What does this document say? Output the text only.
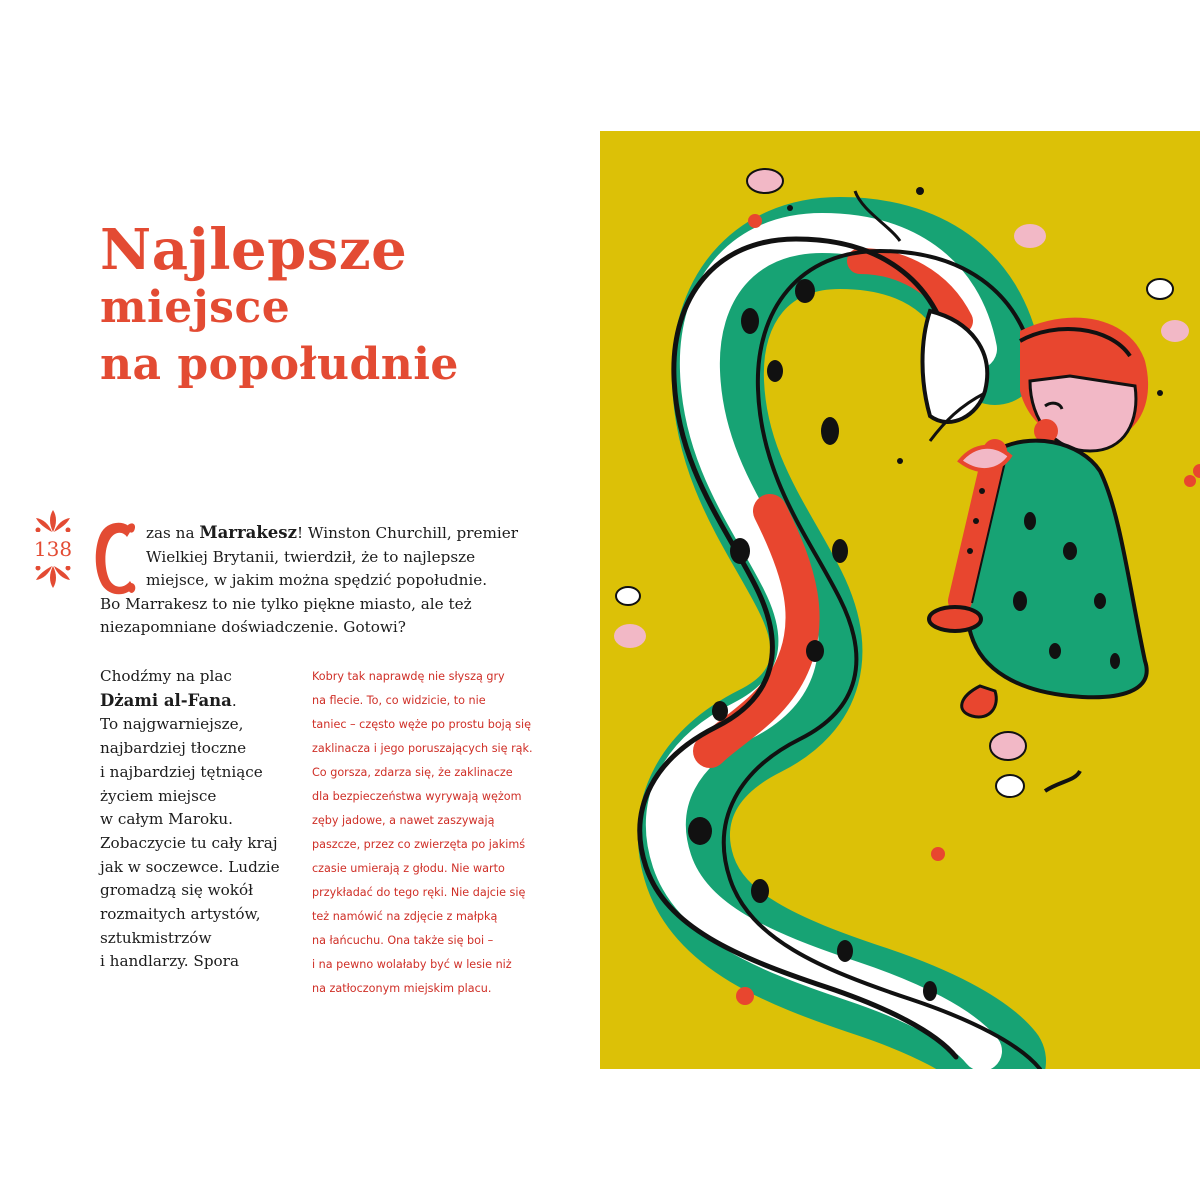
Najlepsze
miejsce
na popołudnie
138

zas na Marrakesz! Winston Churchill, premier
Wielkiej Brytanii, twierdził, że to najlepsze
miejsce, w jakim można spędzić popołudnie.
Bo Marrakesz to nie tylko piękne miasto, ale też
niezapomniane doświadczenie. Gotowi?

Chodźmy na plac
Dżami al-Fana.
To najgwarniejsze,
najbardziej tłoczne
i najbardziej tętniące
życiem miejsce
w całym Maroku.
Zobaczycie tu cały kraj
jak w soczewce. Ludzie
gromadzą się wokół
rozmaitych artystów,
sztukmistrzów
i handlarzy. Spora

Kobry tak naprawdę nie słyszą gry
na flecie. To, co widzicie, to nie
taniec – często węże po prostu boją się
zaklinacza i jego poruszających się rąk.
Co gorsza, zdarza się, że zaklinacze
dla bezpieczeństwa wyrywają wężom
zęby jadowe, a nawet zaszywają
paszcze, przez co zwierzęta po jakimś
czasie umierają z głodu. Nie warto
przykładać do tego ręki. Nie dajcie się
też namówić na zdjęcie z małpką
na łańcuchu. Ona także się boi –
i na pewno wolałaby być w lesie niż
na zatłoczonym miejskim placu.
